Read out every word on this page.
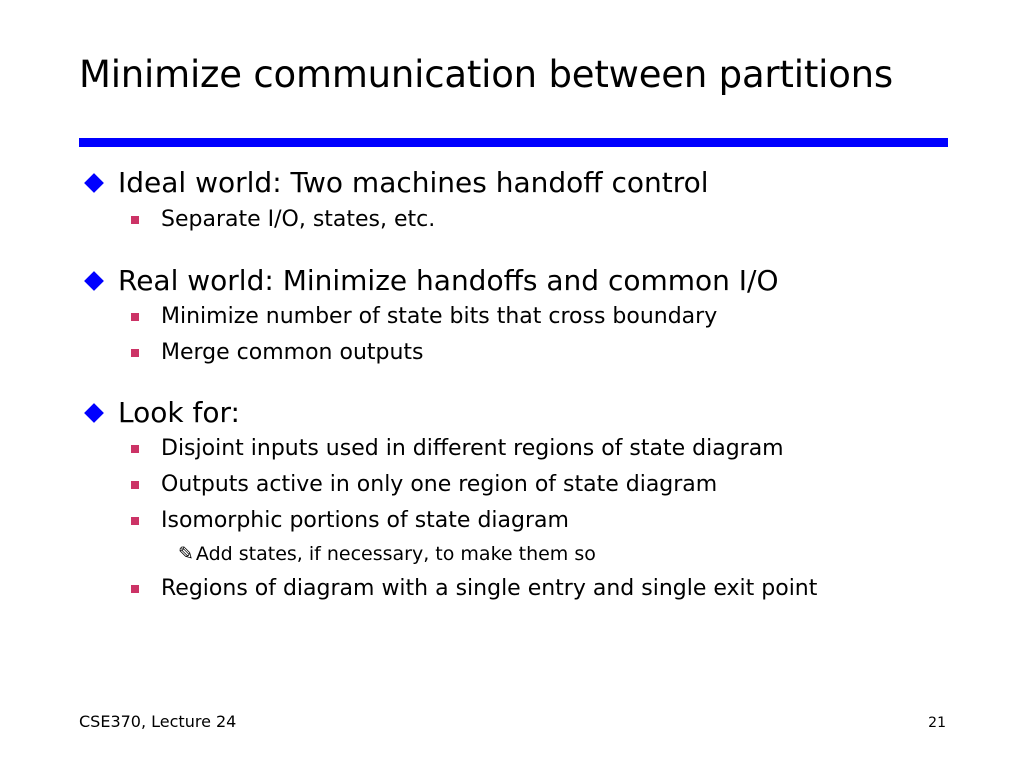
Minimize communication between partitions
Ideal world: Two machines handoff control
Separate I/O, states, etc.
Real world: Minimize handoffs and common I/O
Minimize number of state bits that cross boundary
Merge common outputs
Look for:
Disjoint inputs used in different regions of state diagram
Outputs active in only one region of state diagram
Isomorphic portions of state diagram
✎ Add states, if necessary, to make them so
Regions of diagram with a single entry and single exit point
CSE370, Lecture 24	21
